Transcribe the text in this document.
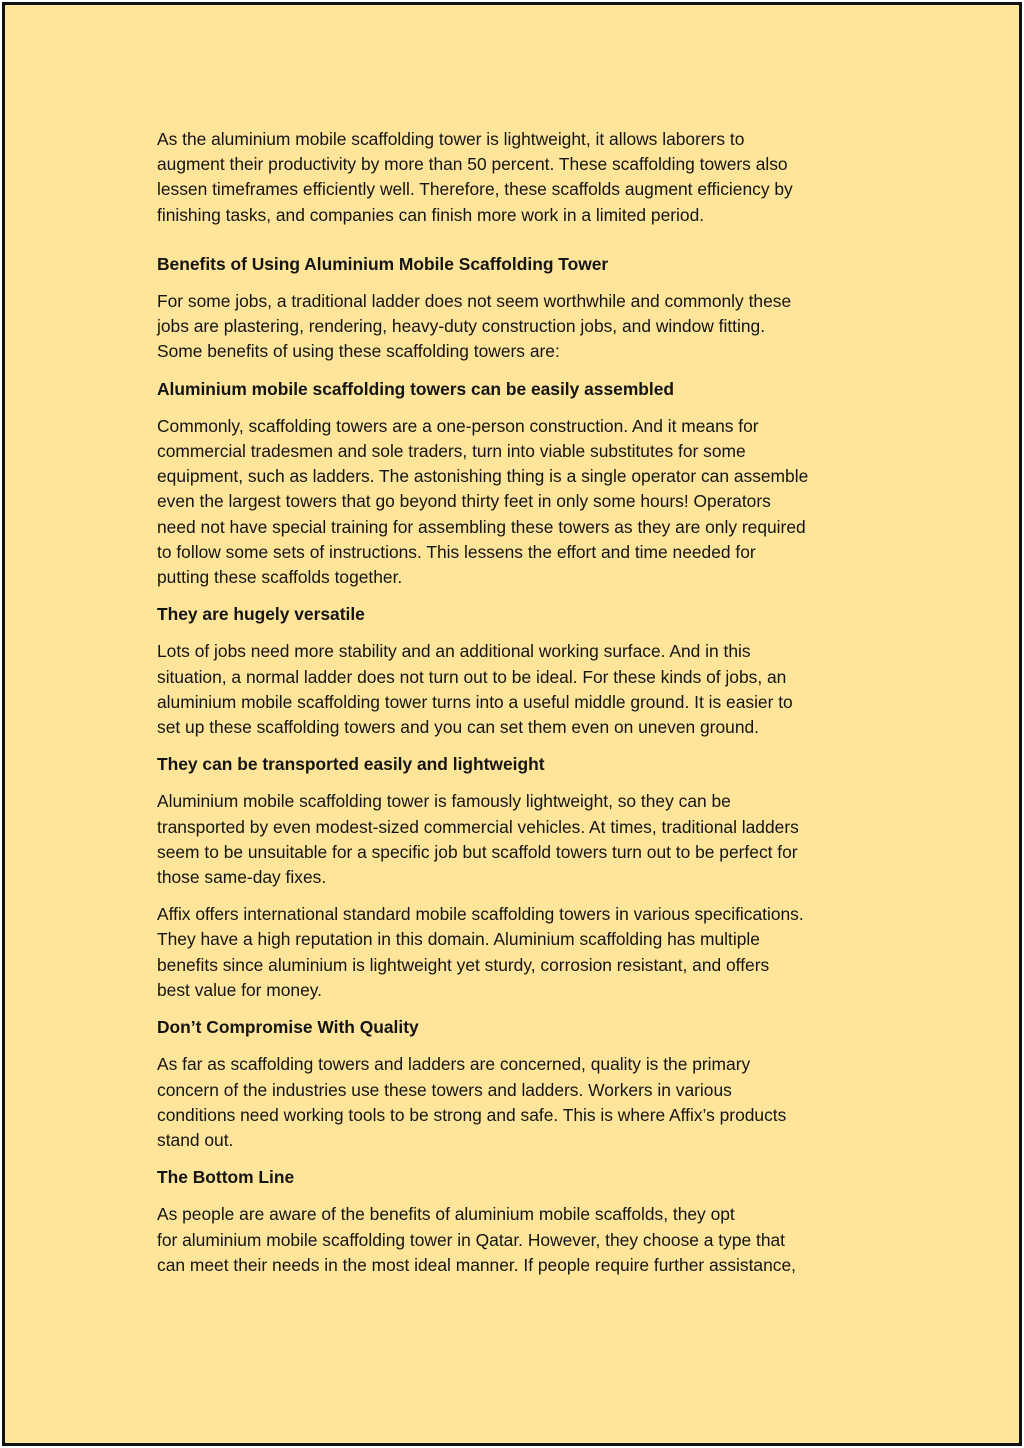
As the aluminium mobile scaffolding tower is lightweight, it allows laborers to
augment their productivity by more than 50 percent. These scaffolding towers also
lessen timeframes efficiently well. Therefore, these scaffolds augment efficiency by
finishing tasks, and companies can finish more work in a limited period.

Benefits of Using Aluminium Mobile Scaffolding Tower

For some jobs, a traditional ladder does not seem worthwhile and commonly these
jobs are plastering, rendering, heavy-duty construction jobs, and window fitting.
Some benefits of using these scaffolding towers are:

Aluminium mobile scaffolding towers can be easily assembled

Commonly, scaffolding towers are a one-person construction. And it means for
commercial tradesmen and sole traders, turn into viable substitutes for some
equipment, such as ladders. The astonishing thing is a single operator can assemble
even the largest towers that go beyond thirty feet in only some hours! Operators
need not have special training for assembling these towers as they are only required
to follow some sets of instructions. This lessens the effort and time needed for
putting these scaffolds together.

They are hugely versatile

Lots of jobs need more stability and an additional working surface. And in this
situation, a normal ladder does not turn out to be ideal. For these kinds of jobs, an
aluminium mobile scaffolding tower turns into a useful middle ground. It is easier to
set up these scaffolding towers and you can set them even on uneven ground.

They can be transported easily and lightweight

Aluminium mobile scaffolding tower is famously lightweight, so they can be
transported by even modest-sized commercial vehicles. At times, traditional ladders
seem to be unsuitable for a specific job but scaffold towers turn out to be perfect for
those same-day fixes.

Affix offers international standard mobile scaffolding towers in various specifications.
They have a high reputation in this domain. Aluminium scaffolding has multiple
benefits since aluminium is lightweight yet sturdy, corrosion resistant, and offers
best value for money.

Don’t Compromise With Quality

As far as scaffolding towers and ladders are concerned, quality is the primary
concern of the industries use these towers and ladders. Workers in various
conditions need working tools to be strong and safe. This is where Affix’s products
stand out.

The Bottom Line

As people are aware of the benefits of aluminium mobile scaffolds, they opt
for aluminium mobile scaffolding tower in Qatar. However, they choose a type that
can meet their needs in the most ideal manner. If people require further assistance,
